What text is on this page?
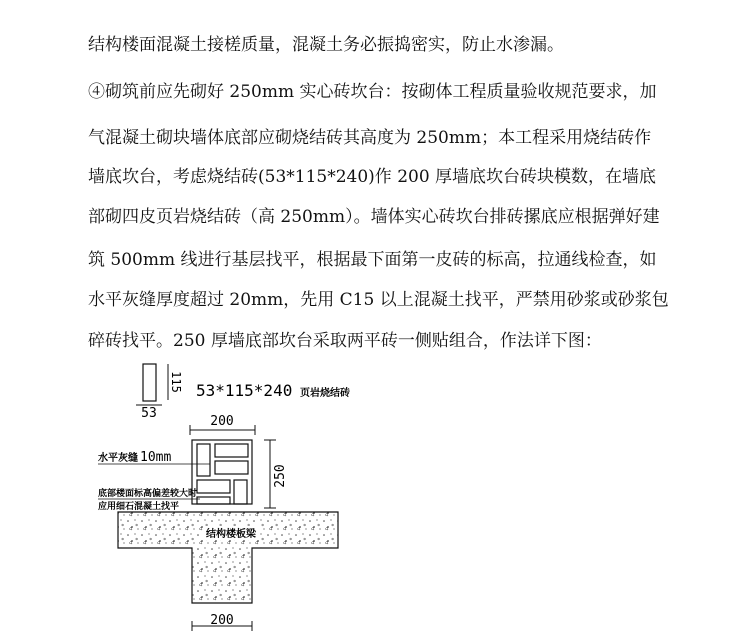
结构楼面混凝土接槎质量，混凝土务必振捣密实，防止水渗漏。
④砌筑前应先砌好 250mm 实心砖坎台：按砌体工程质量验收规范要求，加
气混凝土砌块墙体底部应砌烧结砖其高度为 250mm；本工程采用烧结砖作
墙底坎台，考虑烧结砖(53*115*240)作 200 厚墙底坎台砖块模数，在墙底
部砌四皮页岩烧结砖（高 250mm）。墙体实心砖坎台排砖摞底应根据弹好建
筑 500mm 线进行基层找平，根据最下面第一皮砖的标高，拉通线检查，如
水平灰缝厚度超过 20mm，先用 C15 以上混凝土找平，严禁用砂浆或砂浆包
碎砖找平。250 厚墙底部坎台采取两平砖一侧贴组合，作法详下图：
115
53
53*115*240 页岩烧结砖
200
250
水平灰缝 10mm
底部楼面标高偏差较大时
应用细石混凝土找平
结构楼板梁
200
